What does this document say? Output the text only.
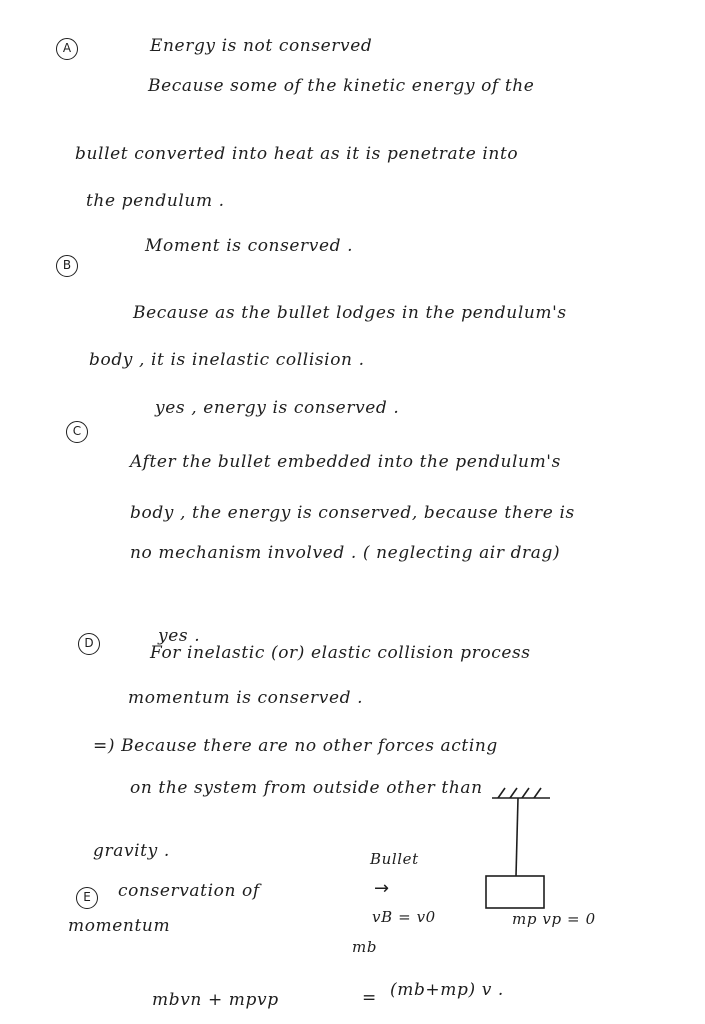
A	Energy is not conserved
Because some of the kinetic energy of the
bullet converted into heat as it is penetrate into
the pendulum .
B
Moment is conserved .
Because as the bullet lodges in the pendulum's
body , it is inelastic collision .
C
yes , energy is conserved .
After the bullet embedded into the pendulum's
body , the energy is conserved, because there is
no mechanism involved . ( neglecting air drag)
D	yes .
For inelastic (or) elastic collision process
momentum is conserved .
=) Because there are no other forces acting
on the system from outside other than
gravity .
E	conservation of
momentum
Bullet
→
vB = v0
mb
mp vp = 0
mbvn + mpvp	= (mb+mp) v .
